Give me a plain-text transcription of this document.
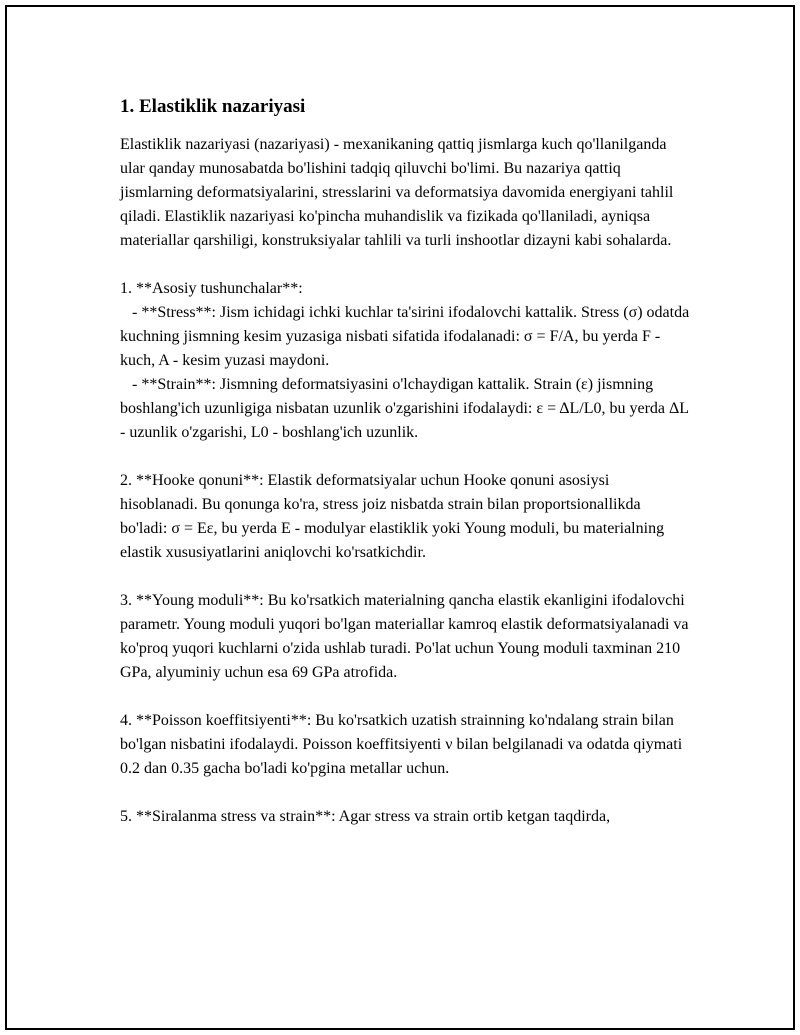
1. Elastiklik nazariyasi

Elastiklik nazariyasi (nazariyasi) - mexanikaning qattiq jismlarga kuch qo'llanilganda ular qanday munosabatda bo'lishini tadqiq qiluvchi bo'limi. Bu nazariya qattiq jismlarning deformatsiyalarini, stresslarini va deformatsiya davomida energiyani tahlil qiladi. Elastiklik nazariyasi ko'pincha muhandislik va fizikada qo'llaniladi, ayniqsa materiallar qarshiligi, konstruksiyalar tahlili va turli inshootlar dizayni kabi sohalarda.

1. **Asosiy tushunchalar**:

- **Stress**: Jism ichidagi ichki kuchlar ta'sirini ifodalovchi kattalik. Stress (σ) odatda kuchning jismning kesim yuzasiga nisbati sifatida ifodalanadi: σ = F/A, bu yerda F - kuch, A - kesim yuzasi maydoni.

- **Strain**: Jismning deformatsiyasini o'lchaydigan kattalik. Strain (ε) jismning boshlang'ich uzunligiga nisbatan uzunlik o'zgarishini ifodalaydi: ε = ΔL/L0, bu yerda ΔL - uzunlik o'zgarishi, L0 - boshlang'ich uzunlik.

2. **Hooke qonuni**: Elastik deformatsiyalar uchun Hooke qonuni asosiysi hisoblanadi. Bu qonunga ko'ra, stress joiz nisbatda strain bilan proportsionallikda bo'ladi: σ = Eε, bu yerda E - modulyar elastiklik yoki Young moduli, bu materialning elastik xususiyatlarini aniqlovchi ko'rsatkichdir.

3. **Young moduli**: Bu ko'rsatkich materialning qancha elastik ekanligini ifodalovchi parametr. Young moduli yuqori bo'lgan materiallar kamroq elastik deformatsiyalanadi va ko'proq yuqori kuchlarni o'zida ushlab turadi. Po'lat uchun Young moduli taxminan 210 GPa, alyuminiy uchun esa 69 GPa atrofida.

4. **Poisson koeffitsiyenti**: Bu ko'rsatkich uzatish strainning ko'ndalang strain bilan bo'lgan nisbatini ifodalaydi. Poisson koeffitsiyenti ν bilan belgilanadi va odatda qiymati 0.2 dan 0.35 gacha bo'ladi ko'pgina metallar uchun.

5. **Siralanma stress va strain**: Agar stress va strain ortib ketgan taqdirda,
